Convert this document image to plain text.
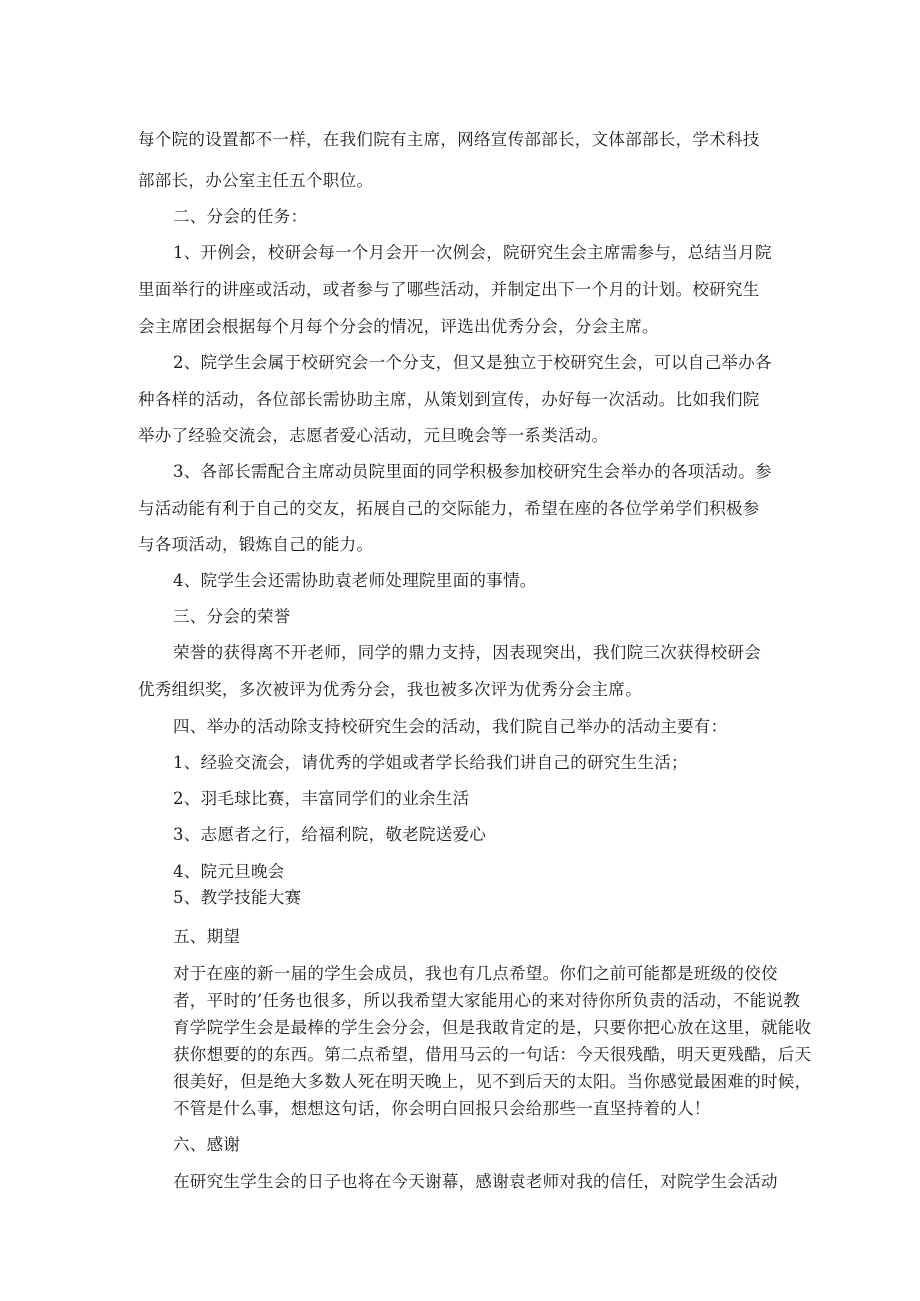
每个院的设置都不一样，在我们院有主席，网络宣传部部长，文体部部长，学术科技
部部长，办公室主任五个职位。
二、分会的任务：
1、开例会，校研会每一个月会开一次例会，院研究生会主席需参与，总结当月院
里面举行的讲座或活动，或者参与了哪些活动，并制定出下一个月的计划。校研究生
会主席团会根据每个月每个分会的情况，评选出优秀分会，分会主席。
2、院学生会属于校研究会一个分支，但又是独立于校研究生会，可以自己举办各
种各样的活动，各位部长需协助主席，从策划到宣传，办好每一次活动。比如我们院
举办了经验交流会，志愿者爱心活动，元旦晚会等一系类活动。
3、各部长需配合主席动员院里面的同学积极参加校研究生会举办的各项活动。参
与活动能有利于自己的交友，拓展自己的交际能力，希望在座的各位学弟学们积极参
与各项活动，锻炼自己的能力。
4、院学生会还需协助袁老师处理院里面的事情。
三、分会的荣誉
荣誉的获得离不开老师，同学的鼎力支持，因表现突出，我们院三次获得校研会
优秀组织奖，多次被评为优秀分会，我也被多次评为优秀分会主席。
四、举办的活动除支持校研究生会的活动，我们院自己举办的活动主要有：
1、经验交流会，请优秀的学姐或者学长给我们讲自己的研究生生活；
2、羽毛球比赛，丰富同学们的业余生活
3、志愿者之行，给福利院，敬老院送爱心
4、院元旦晚会
5、教学技能大赛
五、期望
对于在座的新一届的学生会成员，我也有几点希望。你们之前可能都是班级的佼佼
者，平时的’任务也很多，所以我希望大家能用心的来对待你所负责的活动，不能说教
育学院学生会是最棒的学生会分会，但是我敢肯定的是，只要你把心放在这里，就能收
获你想要的的东西。第二点希望，借用马云的一句话：今天很残酷，明天更残酷，后天
很美好，但是绝大多数人死在明天晚上，见不到后天的太阳。当你感觉最困难的时候，
不管是什么事，想想这句话，你会明白回报只会给那些一直坚持着的人！
六、感谢
在研究生学生会的日子也将在今天谢幕，感谢袁老师对我的信任，对院学生会活动
